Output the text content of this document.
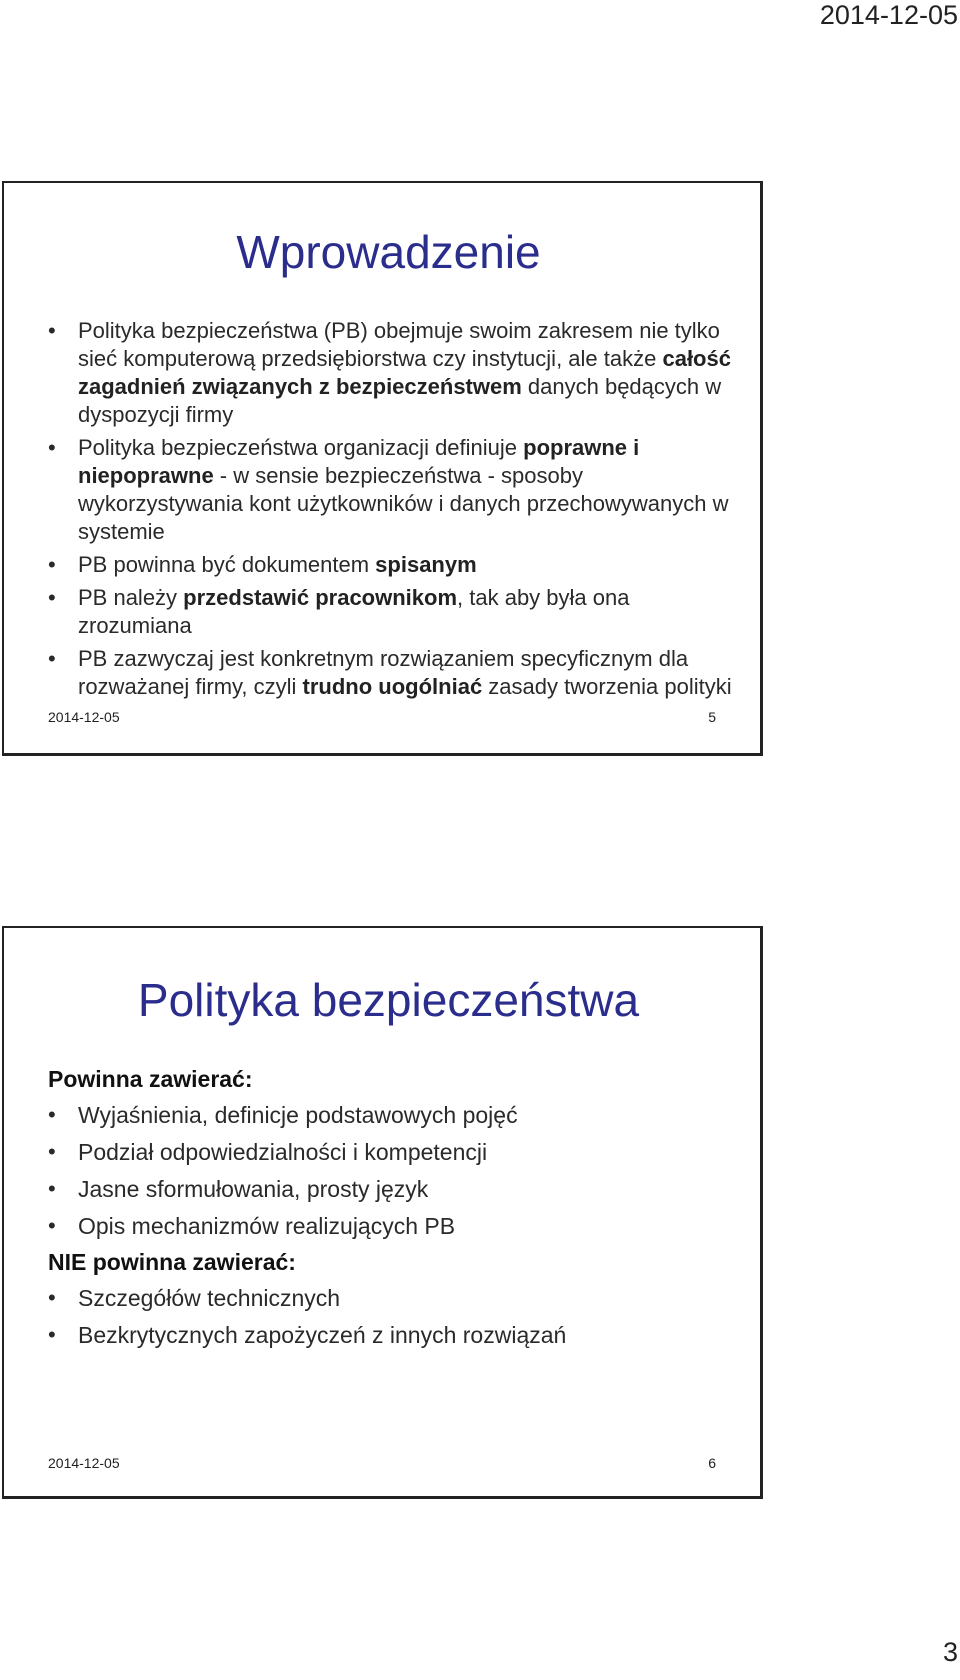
2014-12-05
Wprowadzenie
•	Polityka bezpieczeństwa (PB) obejmuje swoim zakresem nie tylko sieć komputerową przedsiębiorstwa czy instytucji, ale także całość zagadnień związanych z bezpieczeństwem danych będących w dyspozycji firmy
•	Polityka bezpieczeństwa organizacji definiuje poprawne i niepoprawne - w sensie bezpieczeństwa - sposoby wykorzystywania kont użytkowników i danych przechowywanych w systemie
•	PB powinna być dokumentem spisanym
•	PB należy przedstawić pracownikom, tak aby była ona zrozumiana
•	PB zazwyczaj jest konkretnym rozwiązaniem specyficznym dla rozważanej firmy, czyli trudno uogólniać zasady tworzenia polityki
2014-12-05	5
Polityka bezpieczeństwa
Powinna zawierać:
• Wyjaśnienia, definicje podstawowych pojęć
• Podział odpowiedzialności i kompetencji
• Jasne sformułowania, prosty język
• Opis mechanizmów realizujących PB
NIE powinna zawierać:
• Szczegółów technicznych
• Bezkrytycznych zapożyczeń z innych rozwiązań
2014-12-05	6
3
